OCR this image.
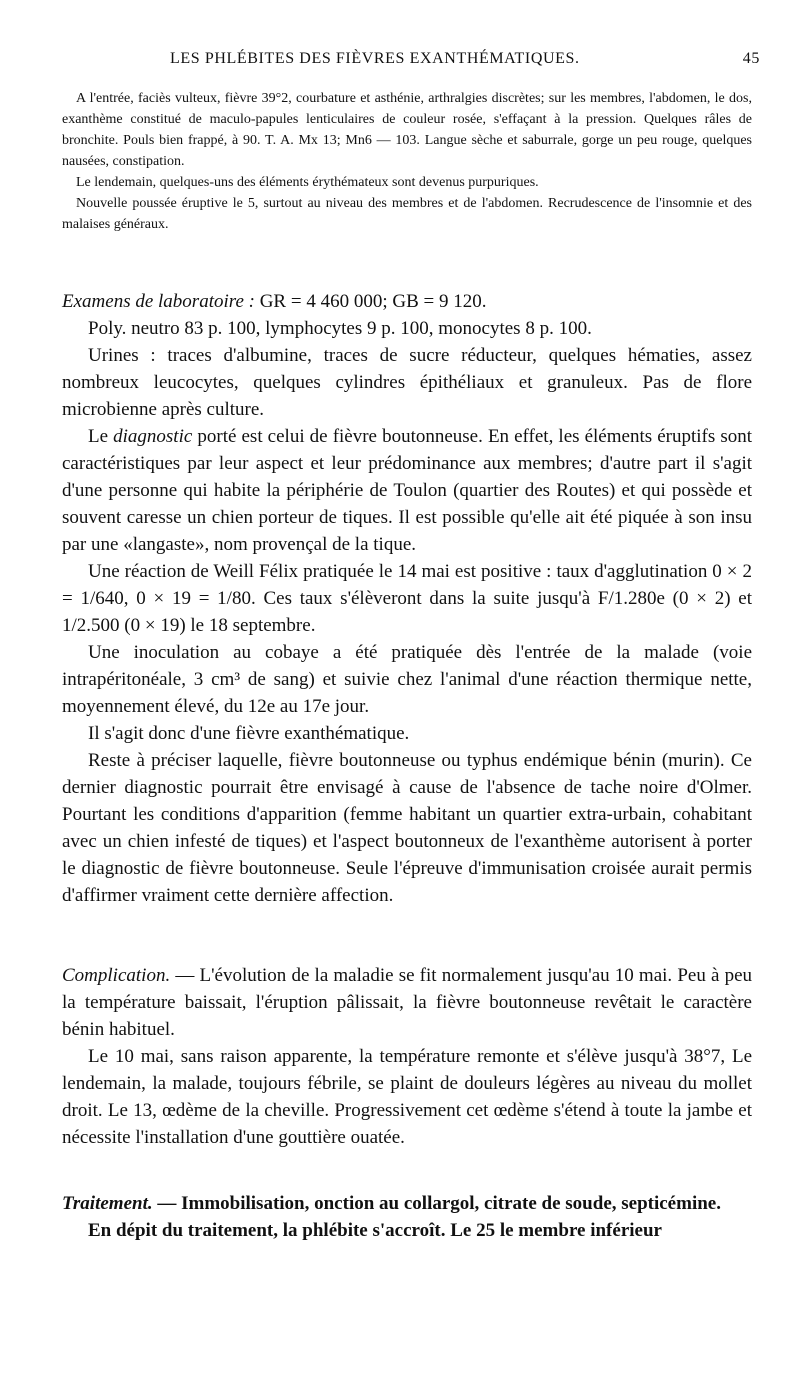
LES PHLÉBITES DES FIÈVRES EXANTHÉMATIQUES.	45

A l'entrée, faciès vulteux, fièvre 39°2, courbature et asthénie, arthralgies discrètes; sur les membres, l'abdomen, le dos, exanthème constitué de maculo-papules lenticulaires de couleur rosée, s'effaçant à la pression. Quelques râles de bronchite. Pouls bien frappé, à 90. T. A. Mx 13; Mn6 — 103. Langue sèche et saburrale, gorge un peu rouge, quelques nausées, constipation.

Le lendemain, quelques-uns des éléments érythémateux sont devenus purpuriques.

Nouvelle poussée éruptive le 5, surtout au niveau des membres et de l'abdomen. Recrudescence de l'insomnie et des malaises généraux.

Examens de laboratoire : GR = 4 460 000; GB = 9 120.

Poly. neutro 83 p. 100, lymphocytes 9 p. 100, monocytes 8 p. 100.

Urines : traces d'albumine, traces de sucre réducteur, quelques hématies, assez nombreux leucocytes, quelques cylindres épithéliaux et granuleux. Pas de flore microbienne après culture.

Le diagnostic porté est celui de fièvre boutonneuse. En effet, les éléments éruptifs sont caractéristiques par leur aspect et leur prédominance aux membres; d'autre part il s'agit d'une personne qui habite la périphérie de Toulon (quartier des Routes) et qui possède et souvent caresse un chien porteur de tiques. Il est possible qu'elle ait été piquée à son insu par une «langaste», nom provençal de la tique.

Une réaction de Weill Félix pratiquée le 14 mai est positive : taux d'agglutination 0 × 2 = 1/640, 0 × 19 = 1/80. Ces taux s'élèveront dans la suite jusqu'à F/1.280e (0 × 2) et 1/2.500 (0 × 19) le 18 septembre.

Une inoculation au cobaye a été pratiquée dès l'entrée de la malade (voie intrapéritonéale, 3 cm³ de sang) et suivie chez l'animal d'une réaction thermique nette, moyennement élevé, du 12e au 17e jour.

Il s'agit donc d'une fièvre exanthématique.

Reste à préciser laquelle, fièvre boutonneuse ou typhus endémique bénin (murin). Ce dernier diagnostic pourrait être envisagé à cause de l'absence de tache noire d'Olmer. Pourtant les conditions d'apparition (femme habitant un quartier extra-urbain, cohabitant avec un chien infesté de tiques) et l'aspect boutonneux de l'exanthème autorisent à porter le diagnostic de fièvre boutonneuse. Seule l'épreuve d'immunisation croisée aurait permis d'affirmer vraiment cette dernière affection.

Complication. — L'évolution de la maladie se fit normalement jusqu'au 10 mai. Peu à peu la température baissait, l'éruption pâlissait, la fièvre boutonneuse revêtait le caractère bénin habituel.

Le 10 mai, sans raison apparente, la température remonte et s'élève jusqu'à 38°7, Le lendemain, la malade, toujours fébrile, se plaint de douleurs légères au niveau du mollet droit. Le 13, œdème de la cheville. Progressivement cet œdème s'étend à toute la jambe et nécessite l'installation d'une gouttière ouatée.

Traitement. — Immobilisation, onction au collargol, citrate de soude, septicémine.

En dépit du traitement, la phlébite s'accroît. Le 25 le membre inférieur
